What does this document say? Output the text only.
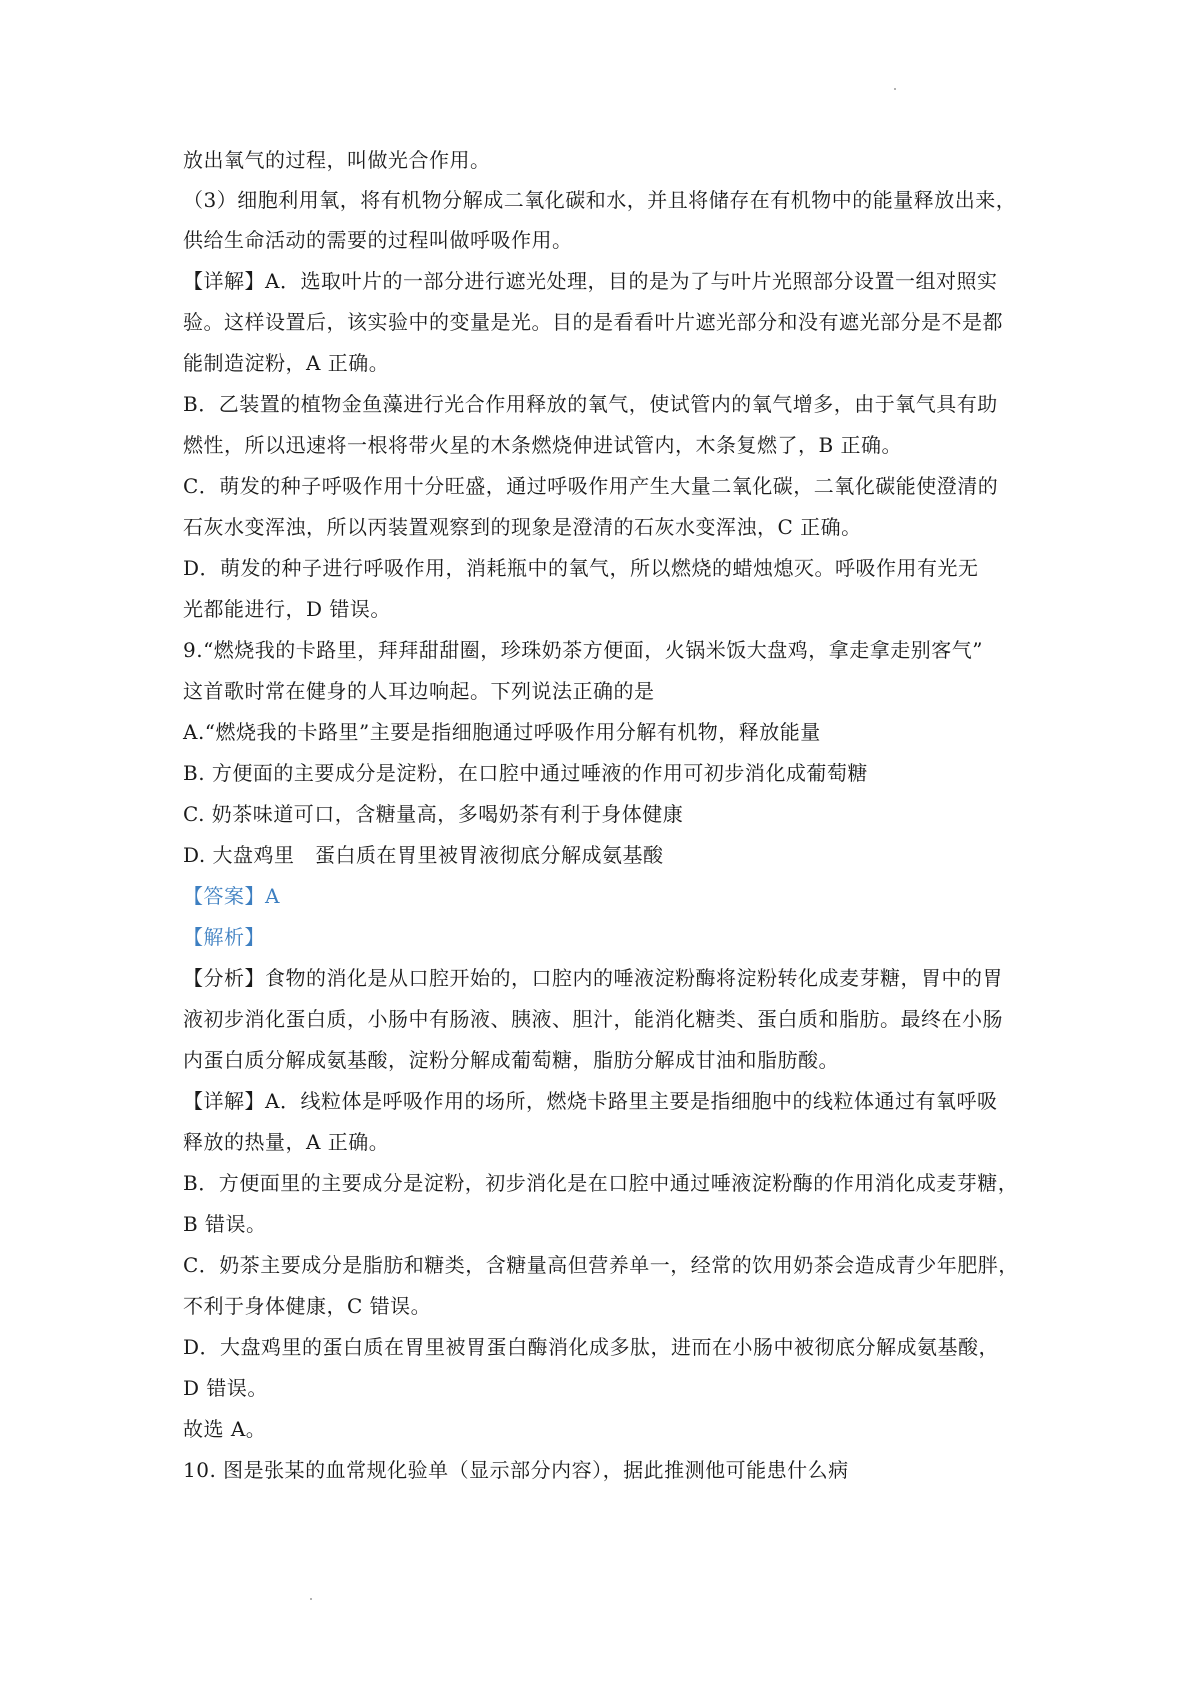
放出氧气的过程，叫做光合作用。
（3）细胞利用氧，将有机物分解成二氧化碳和水，并且将储存在有机物中的能量释放出来，
供给生命活动的需要的过程叫做呼吸作用。
【详解】A．选取叶片的一部分进行遮光处理，目的是为了与叶片光照部分设置一组对照实
验。这样设置后，该实验中的变量是光。目的是看看叶片遮光部分和没有遮光部分是不是都
能制造淀粉，A 正确。
B．乙装置的植物金鱼藻进行光合作用释放的氧气，使试管内的氧气增多，由于氧气具有助
燃性，所以迅速将一根将带火星的木条燃烧伸进试管内，木条复燃了，B 正确。
C．萌发的种子呼吸作用十分旺盛，通过呼吸作用产生大量二氧化碳，二氧化碳能使澄清的
石灰水变浑浊，所以丙装置观察到的现象是澄清的石灰水变浑浊，C 正确。
D．萌发的种子进行呼吸作用，消耗瓶中的氧气，所以燃烧的蜡烛熄灭。呼吸作用有光无
光都能进行，D 错误。
9.“燃烧我的卡路里，拜拜甜甜圈，珍珠奶茶方便面，火锅米饭大盘鸡，拿走拿走别客气”
这首歌时常在健身的人耳边响起。下列说法正确的是
A.“燃烧我的卡路里”主要是指细胞通过呼吸作用分解有机物，释放能量
B. 方便面的主要成分是淀粉，在口腔中通过唾液的作用可初步消化成葡萄糖
C. 奶茶味道可口，含糖量高，多喝奶茶有利于身体健康
D. 大盘鸡里　蛋白质在胃里被胃液彻底分解成氨基酸
【答案】A
【解析】
【分析】食物的消化是从口腔开始的，口腔内的唾液淀粉酶将淀粉转化成麦芽糖，胃中的胃
液初步消化蛋白质，小肠中有肠液、胰液、胆汁，能消化糖类、蛋白质和脂肪。最终在小肠
内蛋白质分解成氨基酸，淀粉分解成葡萄糖，脂肪分解成甘油和脂肪酸。
【详解】A．线粒体是呼吸作用的场所，燃烧卡路里主要是指细胞中的线粒体通过有氧呼吸
释放的热量，A 正确。
B．方便面里的主要成分是淀粉，初步消化是在口腔中通过唾液淀粉酶的作用消化成麦芽糖，
B 错误。
C．奶茶主要成分是脂肪和糖类，含糖量高但营养单一，经常的饮用奶茶会造成青少年肥胖，
不利于身体健康，C 错误。
D．大盘鸡里的蛋白质在胃里被胃蛋白酶消化成多肽，进而在小肠中被彻底分解成氨基酸，
D 错误。
故选 A。
10. 图是张某的血常规化验单（显示部分内容），据此推测他可能患什么病
